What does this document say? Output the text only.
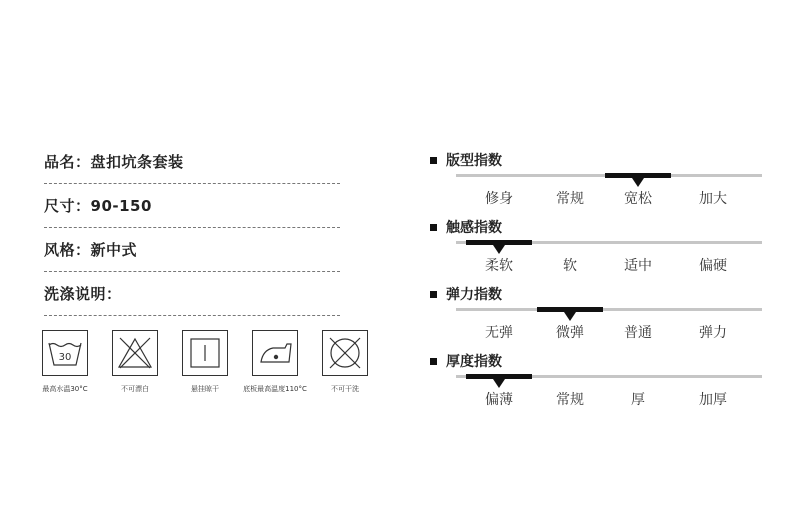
品名： 盘扣坑条套装
尺寸： 90-150
风格： 新中式
洗涤说明：
30
最高水温30°C	不可漂白	悬挂晾干	底板最高温度110°C	不可干洗
版型指数
修身	常规	宽松	加大
触感指数
柔软	软	适中	偏硬
弹力指数
无弹	微弹	普通	弹力
厚度指数
偏薄	常规	厚	加厚
